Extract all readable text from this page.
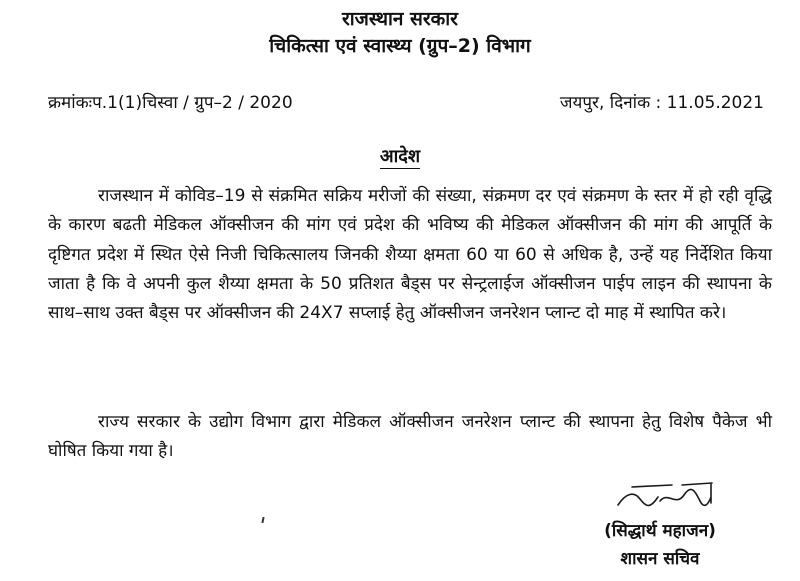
राजस्थान सरकार
चिकित्सा एवं स्वास्थ्य (ग्रुप–2) विभाग
क्रमांकःप.1(1)चिस्वा / ग्रुप–2 / 2020	जयपुर, दिनांक : 11.05.2021
आदेश
राजस्थान में कोविड–19 से संक्रमित सक्रिय मरीजों की संख्या, संक्रमण दर एवं संक्रमण के स्तर में हो रही वृद्धि के कारण बढती मेडिकल ऑक्सीजन की मांग एवं प्रदेश की भविष्य की मेडिकल ऑक्सीजन की मांग की आपूर्ति के दृष्टिगत प्रदेश में स्थित ऐसे निजी चिकित्सालय जिनकी शैय्या क्षमता 60 या 60 से अधिक है, उन्हें यह निर्देशित किया जाता है कि वे अपनी कुल शैय्या क्षमता के 50 प्रतिशत बैड्स पर सेन्ट्रलाईज ऑक्सीजन पाईप लाइन की स्थापना के साथ–साथ उक्त बैड्स पर ऑक्सीजन की 24X7 सप्लाई हेतु ऑक्सीजन जनरेशन प्लान्ट दो माह में स्थापित करे।
राज्य सरकार के उद्योग विभाग द्वारा मेडिकल ऑक्सीजन जनरेशन प्लान्ट की स्थापना हेतु विशेष पैकेज भी घोषित किया गया है।
(सिद्धार्थ महाजन)
शासन सचिव
